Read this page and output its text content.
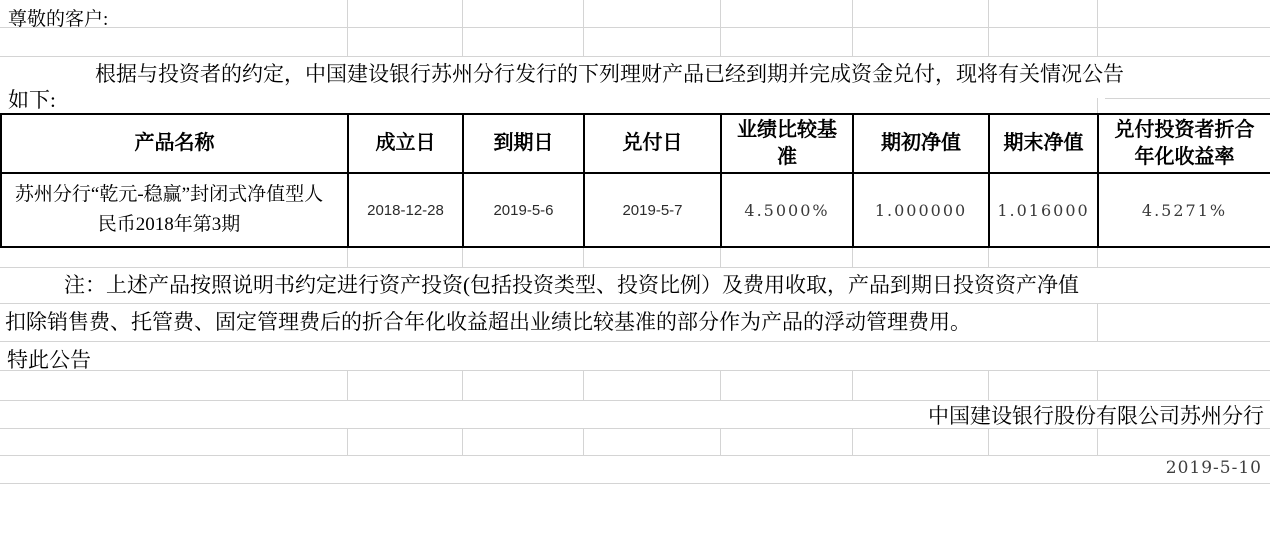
尊敬的客户:
根据与投资者的约定，中国建设银行苏州分行发行的下列理财产品已经到期并完成资金兑付，现将有关情况公告
如下:
产品名称	成立日	到期日	兑付日	业绩比较基准	期初净值	期末净值	兑付投资者折合年化收益率
苏州分行“乾元-稳赢”封闭式净值型人民币2018年第3期	2018-12-28	2019-5-6	2019-5-7	4.5000%	1.000000	1.016000	4.5271%
注：上述产品按照说明书约定进行资产投资(包括投资类型、投资比例）及费用收取，产品到期日投资资产净值
扣除销售费、托管费、固定管理费后的折合年化收益超出业绩比较基准的部分作为产品的浮动管理费用。
特此公告
中国建设银行股份有限公司苏州分行
2019-5-10
